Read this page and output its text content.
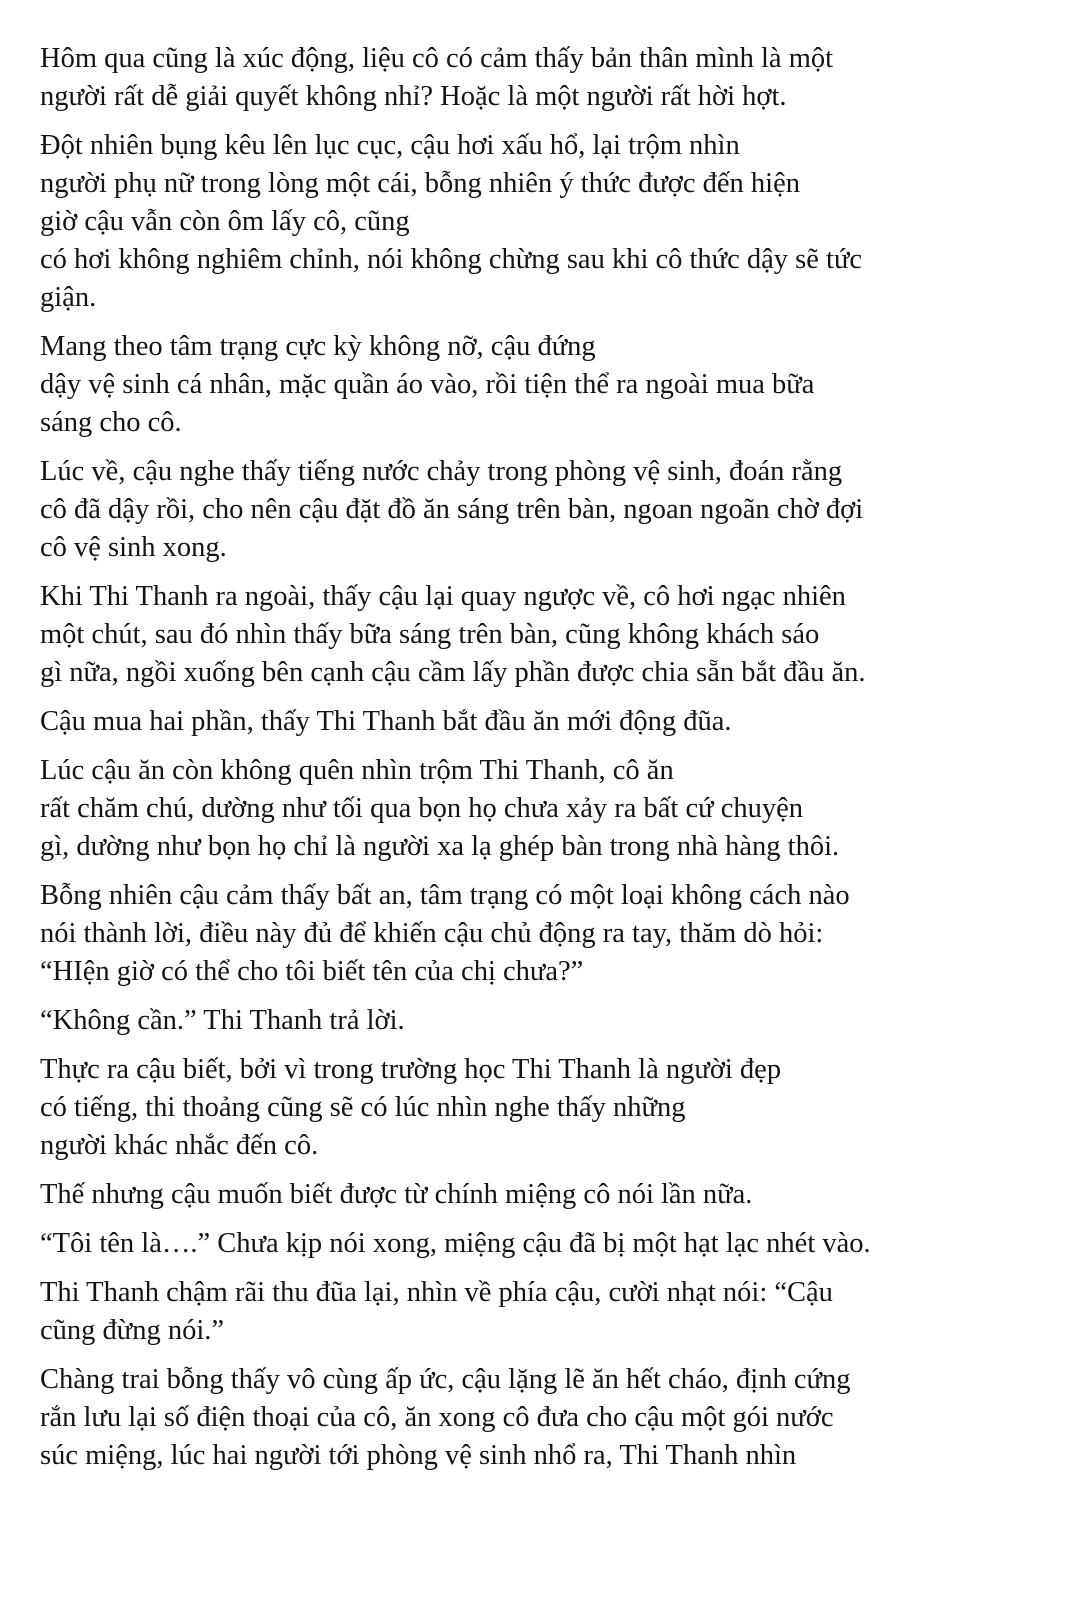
Hôm qua cũng là xúc động, liệu cô có cảm thấy bản thân mình là một
người rất dễ giải quyết không nhỉ? Hoặc là một người rất hời hợt.

Đột nhiên bụng kêu lên lục cục, cậu hơi xấu hổ, lại trộm nhìn
người phụ nữ trong lòng một cái, bỗng nhiên ý thức được đến hiện
giờ cậu vẫn còn ôm lấy cô, cũng
có hơi không nghiêm chỉnh, nói không chừng sau khi cô thức dậy sẽ tức
giận.

Mang theo tâm trạng cực kỳ không nỡ, cậu đứng
dậy vệ sinh cá nhân, mặc quần áo vào, rồi tiện thể ra ngoài mua bữa
sáng cho cô.

Lúc về, cậu nghe thấy tiếng nước chảy trong phòng vệ sinh, đoán rằng
cô đã dậy rồi, cho nên cậu đặt đồ ăn sáng trên bàn, ngoan ngoãn chờ đợi
cô vệ sinh xong.

Khi Thi Thanh ra ngoài, thấy cậu lại quay ngược về, cô hơi ngạc nhiên
một chút, sau đó nhìn thấy bữa sáng trên bàn, cũng không khách sáo
gì nữa, ngồi xuống bên cạnh cậu cầm lấy phần được chia sẵn bắt đầu ăn.

Cậu mua hai phần, thấy Thi Thanh bắt đầu ăn mới động đũa.

Lúc cậu ăn còn không quên nhìn trộm Thi Thanh, cô ăn
rất chăm chú, dường như tối qua bọn họ chưa xảy ra bất cứ chuyện
gì, dường như bọn họ chỉ là người xa lạ ghép bàn trong nhà hàng thôi.

Bỗng nhiên cậu cảm thấy bất an, tâm trạng có một loại không cách nào
nói thành lời, điều này đủ để khiến cậu chủ động ra tay, thăm dò hỏi:
“HIện giờ có thể cho tôi biết tên của chị chưa?”

“Không cần.” Thi Thanh trả lời.

Thực ra cậu biết, bởi vì trong trường học Thi Thanh là người đẹp
có tiếng, thi thoảng cũng sẽ có lúc nhìn nghe thấy những
người khác nhắc đến cô.

Thế nhưng cậu muốn biết được từ chính miệng cô nói lần nữa.

“Tôi tên là….” Chưa kịp nói xong, miệng cậu đã bị một hạt lạc nhét vào.

Thi Thanh chậm rãi thu đũa lại, nhìn về phía cậu, cười nhạt nói: “Cậu
cũng đừng nói.”

Chàng trai bỗng thấy vô cùng ấp ức, cậu lặng lẽ ăn hết cháo, định cứng
rắn lưu lại số điện thoại của cô, ăn xong cô đưa cho cậu một gói nước
súc miệng, lúc hai người tới phòng vệ sinh nhổ ra, Thi Thanh nhìn
